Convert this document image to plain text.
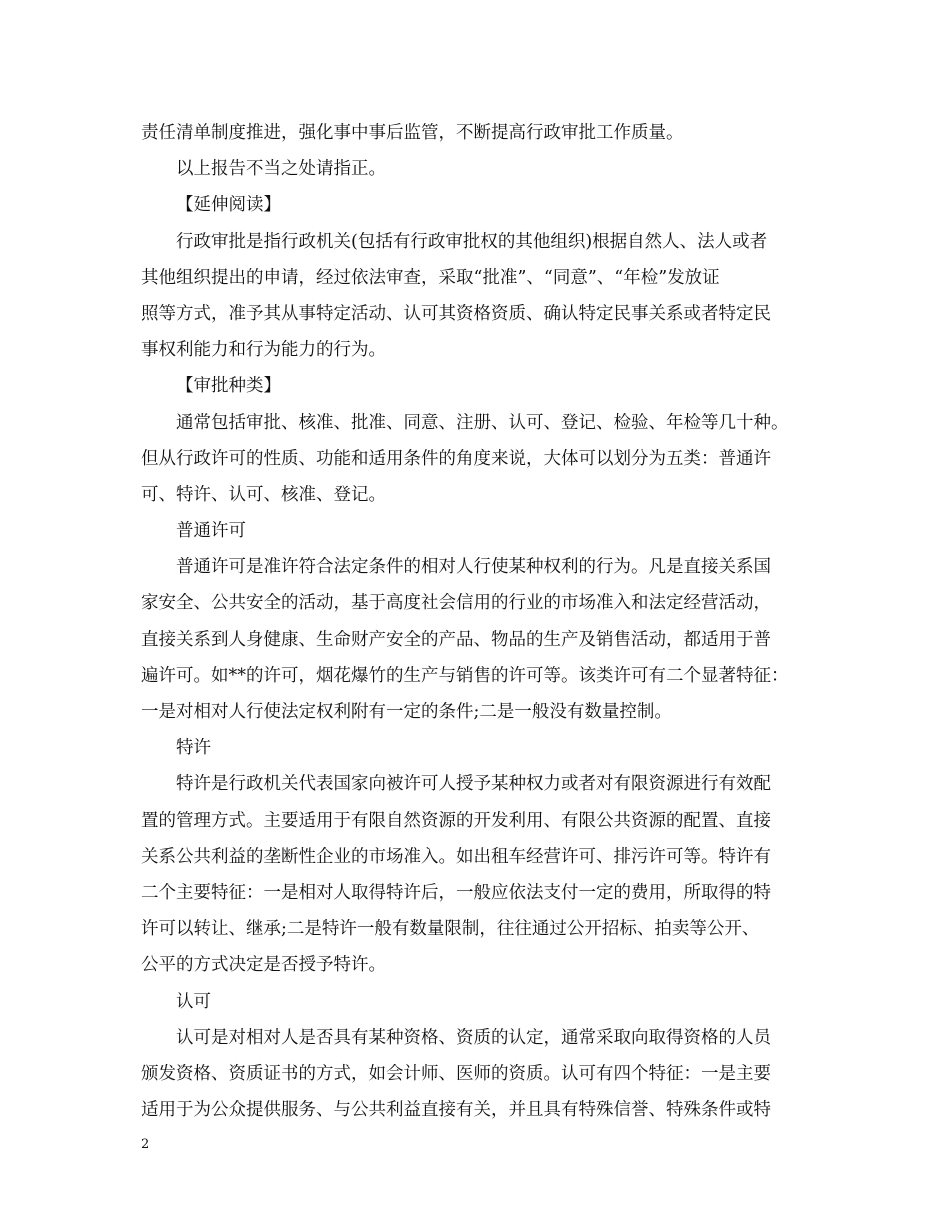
责任清单制度推进，强化事中事后监管，不断提高行政审批工作质量。
以上报告不当之处请指正。
【延伸阅读】
行政审批是指行政机关(包括有行政审批权的其他组织)根据自然人、法人或者
其他组织提出的申请，经过依法审查，采取“批准”、“同意”、“年检”发放证
照等方式，准予其从事特定活动、认可其资格资质、确认特定民事关系或者特定民
事权利能力和行为能力的行为。
【审批种类】
通常包括审批、核准、批准、同意、注册、认可、登记、检验、年检等几十种。
但从行政许可的性质、功能和适用条件的角度来说，大体可以划分为五类：普通许
可、特许、认可、核准、登记。
普通许可
普通许可是准许符合法定条件的相对人行使某种权利的行为。凡是直接关系国
家安全、公共安全的活动，基于高度社会信用的行业的市场准入和法定经营活动，
直接关系到人身健康、生命财产安全的产品、物品的生产及销售活动，都适用于普
遍许可。如**的许可，烟花爆竹的生产与销售的许可等。该类许可有二个显著特征：
一是对相对人行使法定权利附有一定的条件;二是一般没有数量控制。
特许
特许是行政机关代表国家向被许可人授予某种权力或者对有限资源进行有效配
置的管理方式。主要适用于有限自然资源的开发利用、有限公共资源的配置、直接
关系公共利益的垄断性企业的市场准入。如出租车经营许可、排污许可等。特许有
二个主要特征：一是相对人取得特许后，一般应依法支付一定的费用，所取得的特
许可以转让、继承;二是特许一般有数量限制，往往通过公开招标、拍卖等公开、
公平的方式决定是否授予特许。
认可
认可是对相对人是否具有某种资格、资质的认定，通常采取向取得资格的人员
颁发资格、资质证书的方式，如会计师、医师的资质。认可有四个特征：一是主要
适用于为公众提供服务、与公共利益直接有关，并且具有特殊信誉、特殊条件或特
2
